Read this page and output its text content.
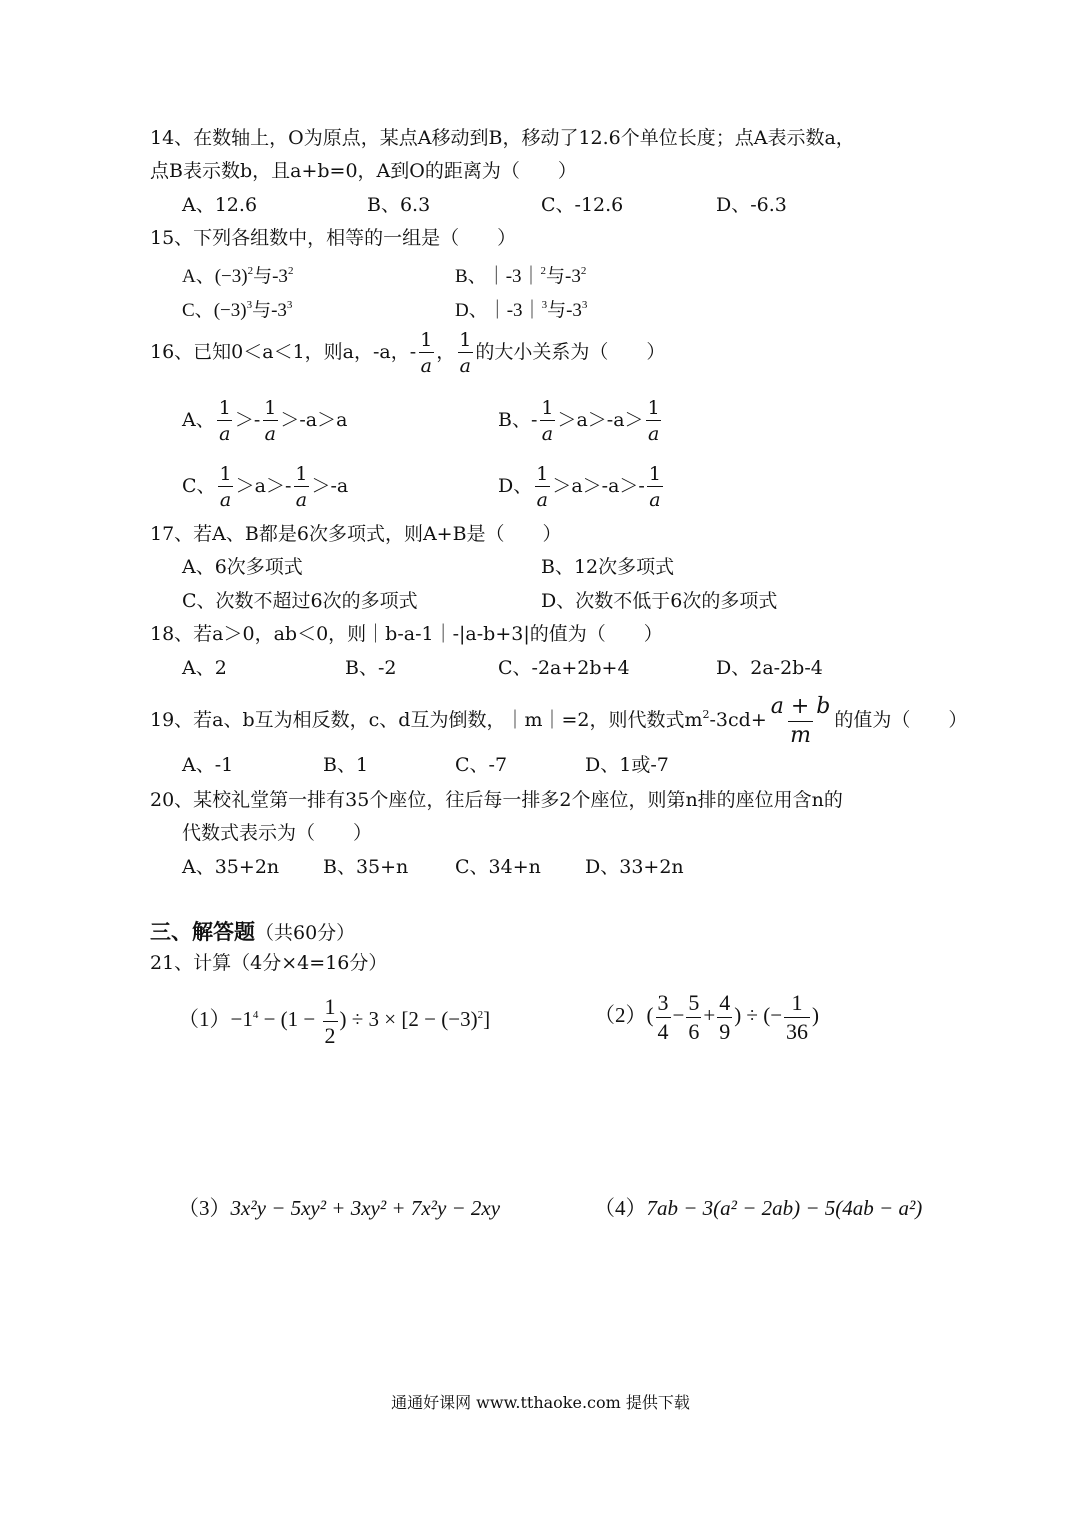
14、在数轴上，O为原点，某点A移动到B，移动了12.6个单位长度；点A表示数a，
点B表示数b，且a+b=0，A到O的距离为（　　）
A、12.6	B、6.3	C、-12.6	D、-6.3
15、下列各组数中，相等的一组是（　　）
A、$(-3)^2$与$-3^2$	B、｜-3｜$^2$与$-3^2$
C、$(-3)^3$与$-3^3$	D、｜-3｜$^3$与$-3^3$
16、已知0＜a＜1，则a，-a，- $\frac{1}{a}$ ， $\frac{1}{a}$ 的大小关系为（　　）
A、 $\frac{1}{a} >- \frac{1}{a} >-a>a$	B、- $\frac{1}{a} >a>-a> \frac{1}{a}$
C、 $\frac{1}{a} >a>- \frac{1}{a} >-a$	D、 $\frac{1}{a} >a>-a>- \frac{1}{a}$
17、若A、B都是6次多项式，则A+B是（　　）
A、6次多项式	B、12次多项式
C、次数不超过6次的多项式	D、次数不低于6次的多项式
18、若a＞0，ab＜0，则｜b-a-1｜-|a-b+3|的值为（　　）
A、2	B、-2	C、-2a+2b+4	D、2a-2b-4
19、若a、b互为相反数，c、d互为倒数，｜m｜=2，则代数式$m^2-3cd+ \frac{a + b}{m}$ 的值为（　　）
A、-1	B、1	C、-7	D、1或-7
20、某校礼堂第一排有35个座位，往后每一排多2个座位，则第n排的座位用含n的
代数式表示为（　　）
A、35+2n B、35+n C、34+n D、33+2n
三、解答题（共60分）
21、计算（4分×4=16分）
$(1)-1^4 - (1 - \frac{1}{2}$ ) ÷ $3 \times [2 - (-3)^2]$	$(2)( \frac{3}{4} - \frac{5}{6} + \frac{4}{9}$ ) ÷ (− $\frac{1}{36}$ )
（3）3x²y − 5xy² + 3xy² + 7x²y − 2xy	（4）7ab − 3(a² − 2ab) − 5(4ab − a²)
通通好课网 www.tthaoke.com 提供下载
